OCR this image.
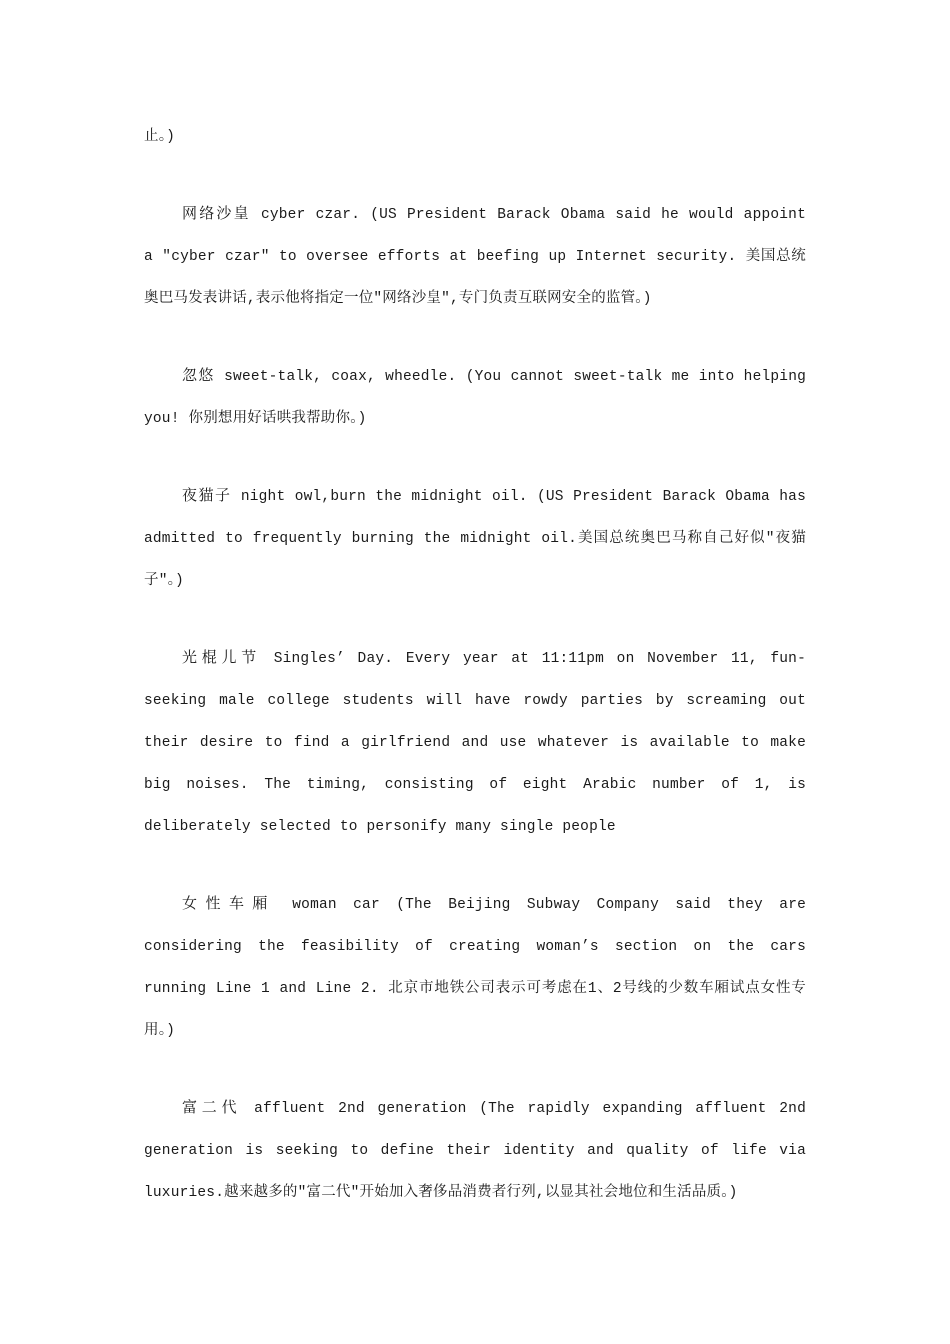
止。)

网络沙皇 cyber czar. (US President Barack Obama said he would appoint a "cyber czar" to oversee efforts at beefing up Internet security. 美国总统奥巴马发表讲话,表示他将指定一位"网络沙皇",专门负责互联网安全的监管。)

忽悠 sweet-talk, coax, wheedle. (You cannot sweet-talk me into helping you! 你别想用好话哄我帮助你。)

夜猫子 night owl,burn the midnight oil. (US President Barack Obama has admitted to frequently burning the midnight oil.美国总统奥巴马称自己好似"夜猫子"。)

光棍儿节 Singles’ Day. Every year at 11:11pm on November 11, fun-seeking male college students will have rowdy parties by screaming out their desire to find a girlfriend and use whatever is available to make big noises. The timing, consisting of eight Arabic number of 1, is deliberately selected to personify many single people

女性车厢 woman car (The Beijing Subway Company said they are considering the feasibility of creating woman’s section on the cars running Line 1 and Line 2. 北京市地铁公司表示可考虑在1、2号线的少数车厢试点女性专用。)

富二代 affluent 2nd generation (The rapidly expanding affluent 2nd generation is seeking to define their identity and quality of life via luxuries.越来越多的"富二代"开始加入奢侈品消费者行列,以显其社会地位和生活品质。)
